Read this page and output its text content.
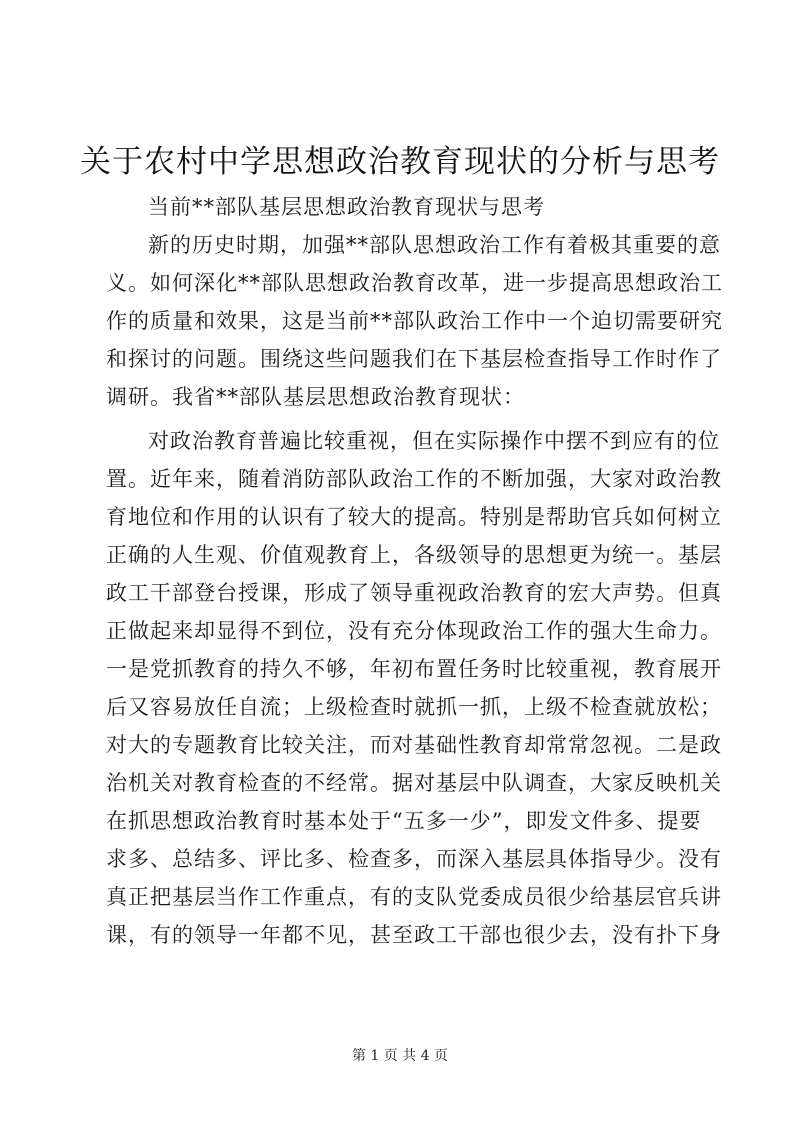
关于农村中学思想政治教育现状的分析与思考
当前**部队基层思想政治教育现状与思考
新的历史时期，加强**部队思想政治工作有着极其重要的意
义。如何深化**部队思想政治教育改革，进一步提高思想政治工
作的质量和效果，这是当前**部队政治工作中一个迫切需要研究
和探讨的问题。围绕这些问题我们在下基层检查指导工作时作了
调研。我省**部队基层思想政治教育现状：
对政治教育普遍比较重视，但在实际操作中摆不到应有的位
置。近年来，随着消防部队政治工作的不断加强，大家对政治教
育地位和作用的认识有了较大的提高。特别是帮助官兵如何树立
正确的人生观、价值观教育上，各级领导的思想更为统一。基层
政工干部登台授课，形成了领导重视政治教育的宏大声势。但真
正做起来却显得不到位，没有充分体现政治工作的强大生命力。
一是党抓教育的持久不够，年初布置任务时比较重视，教育展开
后又容易放任自流；上级检查时就抓一抓，上级不检查就放松；
对大的专题教育比较关注，而对基础性教育却常常忽视。二是政
治机关对教育检查的不经常。据对基层中队调查，大家反映机关
在抓思想政治教育时基本处于“五多一少”，即发文件多、提要
求多、总结多、评比多、检查多，而深入基层具体指导少。没有
真正把基层当作工作重点，有的支队党委成员很少给基层官兵讲
课，有的领导一年都不见，甚至政工干部也很少去，没有扑下身
第 1 页 共 4 页
